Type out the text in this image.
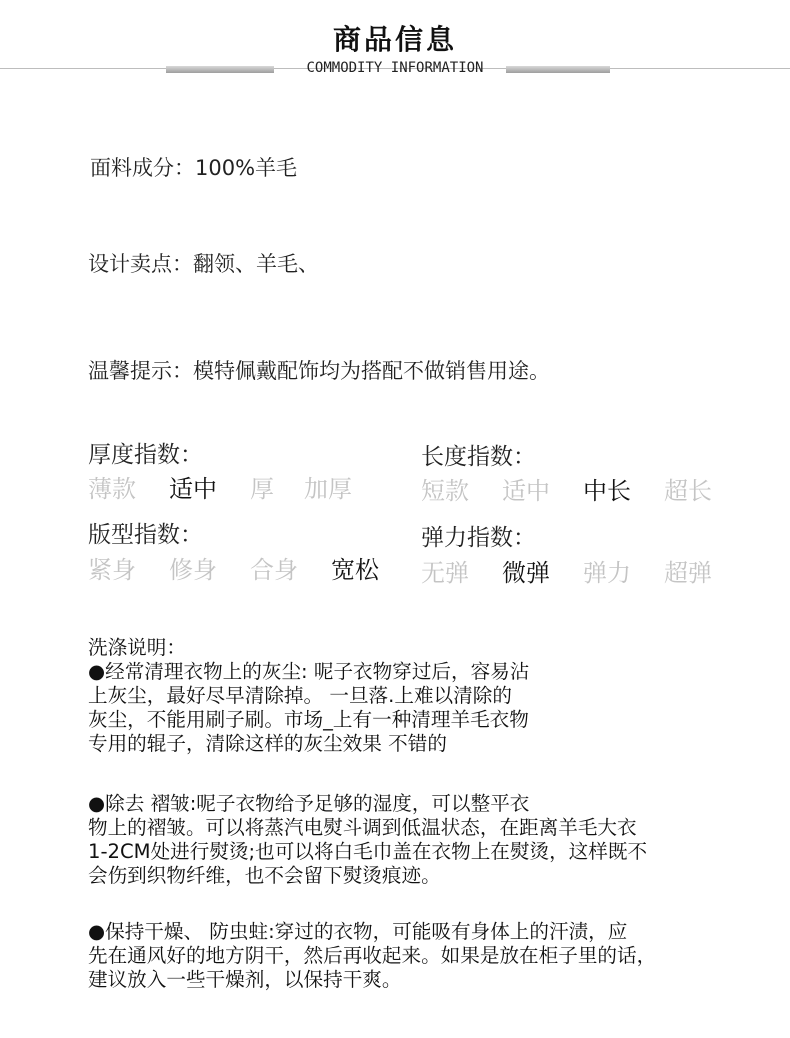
商品信息
COMMODITY INFORMATION
面料成分：100%羊毛
设计卖点：翻领、羊毛、
温馨提示：模特佩戴配饰均为搭配不做销售用途。
厚度指数：
薄款 适中 厚 加厚
长度指数：
短款 适中 中长 超长
版型指数：
紧身 修身 合身 宽松
弹力指数：
无弹 微弹 弹力 超弹
洗涤说明：
●经常清理衣物上的灰尘: 呢子衣物穿过后，容易沾
上灰尘，最好尽早清除掉。 一旦落.上难以清除的
灰尘，不能用刷子刷。市场_上有一种清理羊毛衣物
专用的辊子，清除这样的灰尘效果 不错的
●除去 褶皱:呢子衣物给予足够的湿度，可以整平衣
物上的褶皱。可以将蒸汽电熨斗调到低温状态，在距离羊毛大衣
1-2CM处进行熨烫;也可以将白毛巾盖在衣物上在熨烫，这样既不
会伤到织物纤维，也不会留下熨烫痕迹。
●保持干燥、 防虫蛀:穿过的衣物，可能吸有身体上的汗渍，应
先在通风好的地方阴干，然后再收起来。如果是放在柜子里的话，
建议放入一些干燥剂，以保持干爽。
